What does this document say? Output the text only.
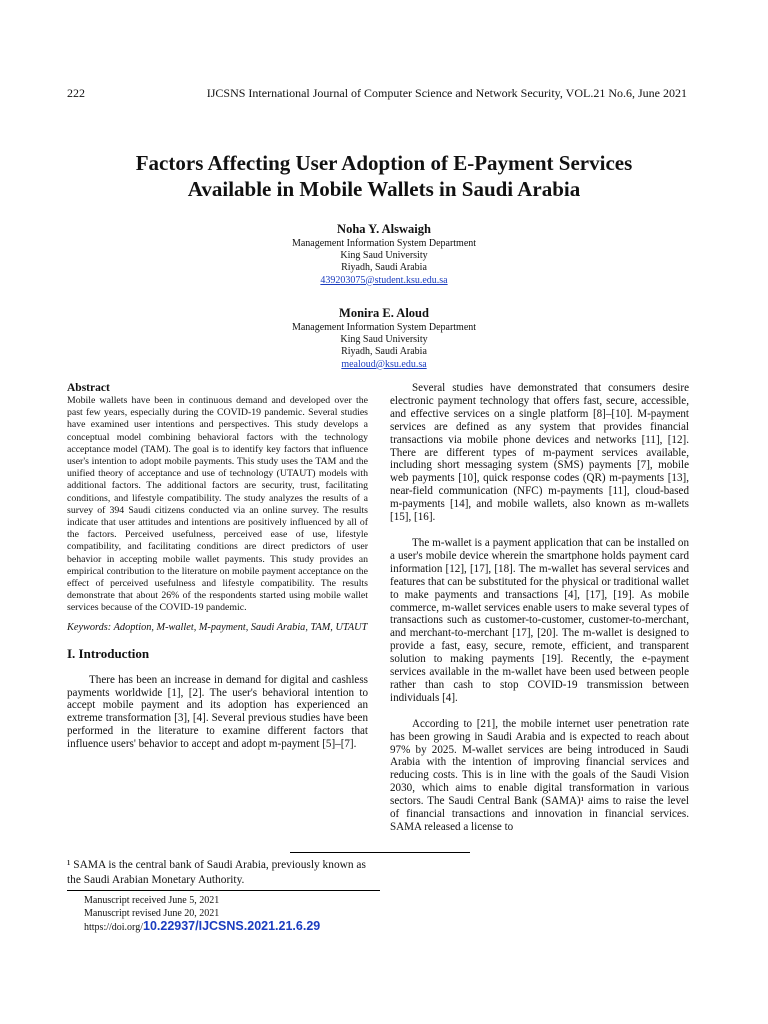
222	IJCSNS International Journal of Computer Science and Network Security, VOL.21 No.6, June 2021
Factors Affecting User Adoption of E-Payment Services
Available in Mobile Wallets in Saudi Arabia
Noha Y. Alswaigh
Management Information System Department
King Saud University
Riyadh, Saudi Arabia
439203075@student.ksu.edu.sa
Monira E. Aloud
Management Information System Department
King Saud University
Riyadh, Saudi Arabia
mealoud@ksu.edu.sa
Abstract

Mobile wallets have been in continuous demand and developed over the past few years, especially during the COVID-19 pandemic. Several studies have examined user intentions and perspectives. This study develops a conceptual model combining behavioral factors with the technology acceptance model (TAM). The goal is to identify key factors that influence user's intention to adopt mobile payments. This study uses the TAM and the unified theory of acceptance and use of technology (UTAUT) models with additional factors. The additional factors are security, trust, facilitating conditions, and lifestyle compatibility. The study analyzes the results of a survey of 394 Saudi citizens conducted via an online survey. The results indicate that user attitudes and intentions are positively influenced by all of the factors. Perceived usefulness, perceived ease of use, lifestyle compatibility, and facilitating conditions are direct predictors of user behavior in accepting mobile wallet payments. This study provides an empirical contribution to the literature on mobile payment acceptance on the effect of perceived usefulness and lifestyle compatibility. The results demonstrate that about 26% of the respondents started using mobile wallet services because of the COVID-19 pandemic.

Keywords: Adoption, M-wallet, M-payment, Saudi Arabia, TAM, UTAUT
I. Introduction

There has been an increase in demand for digital and cashless payments worldwide [1], [2]. The user's behavioral intention to accept mobile payment and its adoption has experienced an extreme transformation [3], [4]. Several previous studies have been performed in the literature to examine different factors that influence users' behavior to accept and adopt m-payment [5]–[7].

Several studies have demonstrated that consumers desire electronic payment technology that offers fast, secure, accessible, and effective services on a single platform [8]–[10]. M-payment services are defined as any system that provides financial transactions via mobile phone devices and networks [11], [12]. There are different types of m-payment services available, including short messaging system (SMS) payments [7], mobile web payments [10], quick response codes (QR) m-payments [13], near-field communication (NFC) m-payments [11], cloud-based m-payments [14], and mobile wallets, also known as m-wallets [15], [16].

The m-wallet is a payment application that can be installed on a user's mobile device wherein the smartphone holds payment card information [12], [17], [18]. The m-wallet has several services and features that can be substituted for the physical or traditional wallet to make payments and transactions [4], [17], [19]. As mobile commerce, m-wallet services enable users to make several types of transactions such as customer-to-customer, customer-to-merchant, and merchant-to-merchant [17], [20]. The m-wallet is designed to provide a fast, easy, secure, remote, efficient, and transparent solution to making payments [19]. Recently, the e-payment services available in the m-wallet have been used between people rather than cash to stop COVID-19 transmission between individuals [4].

According to [21], the mobile internet user penetration rate has been growing in Saudi Arabia and is expected to reach about 97% by 2025. M-wallet services are being introduced in Saudi Arabia with the intention of improving financial services and reducing costs. This is in line with the goals of the Saudi Vision 2030, which aims to enable digital transformation in various sectors. The Saudi Central Bank (SAMA)¹ aims to raise the level of financial transactions and innovation in financial services. SAMA released a license to

¹ SAMA is the central bank of Saudi Arabia, previously known as the Saudi Arabian Monetary Authority.
Manuscript received June 5, 2021
Manuscript revised June 20, 2021
https://doi.org/10.22937/IJCSNS.2021.21.6.29
